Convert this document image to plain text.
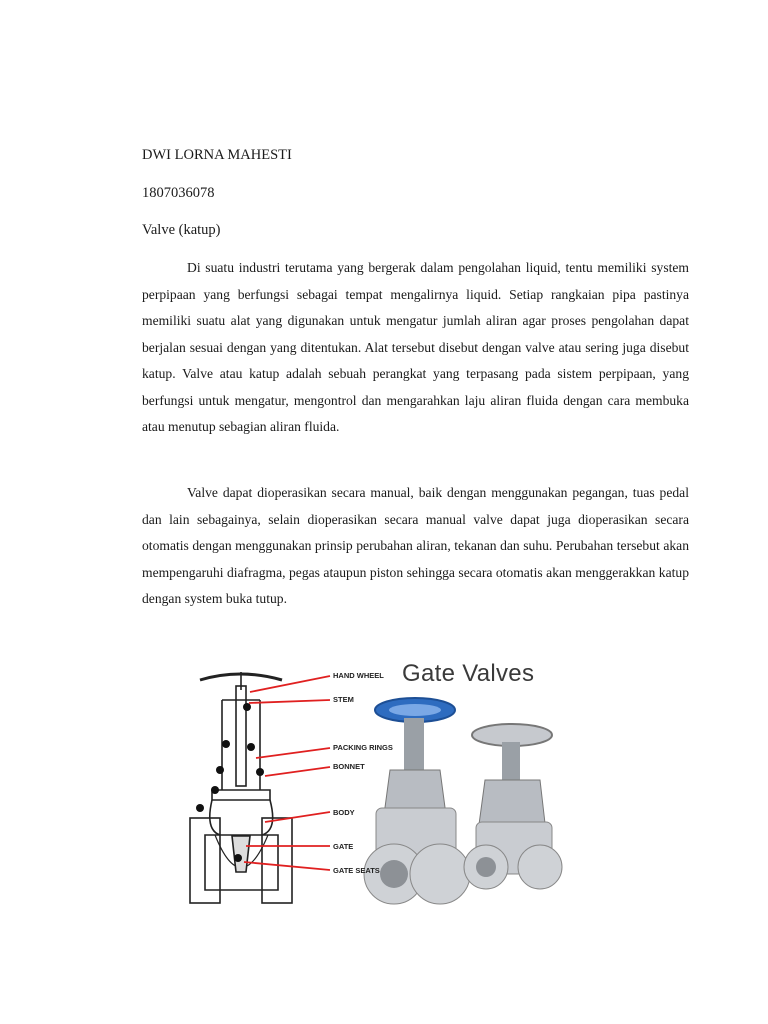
DWI LORNA MAHESTI
1807036078
Valve (katup)

Di suatu industri terutama yang bergerak dalam pengolahan liquid, tentu memiliki system perpipaan yang berfungsi sebagai tempat mengalirnya liquid. Setiap rangkaian pipa pastinya memiliki suatu alat yang digunakan untuk mengatur jumlah aliran agar proses pengolahan dapat berjalan sesuai dengan yang ditentukan. Alat tersebut disebut dengan valve atau sering juga disebut katup. Valve atau katup adalah sebuah perangkat yang terpasang pada sistem perpipaan, yang berfungsi untuk mengatur, mengontrol dan mengarahkan laju aliran fluida dengan cara membuka atau menutup sebagian aliran fluida.

Valve dapat dioperasikan secara manual, baik dengan menggunakan pegangan, tuas pedal dan lain sebagainya, selain dioperasikan secara manual valve dapat juga dioperasikan secara otomatis dengan menggunakan prinsip perubahan aliran, tekanan dan suhu. Perubahan tersebut akan mempengaruhi diafragma, pegas ataupun piston sehingga secara otomatis akan menggerakkan katup dengan system buka tutup.

Gate Valves
HAND WHEEL
STEM
PACKING RINGS
BONNET
BODY
GATE
GATE SEATS
